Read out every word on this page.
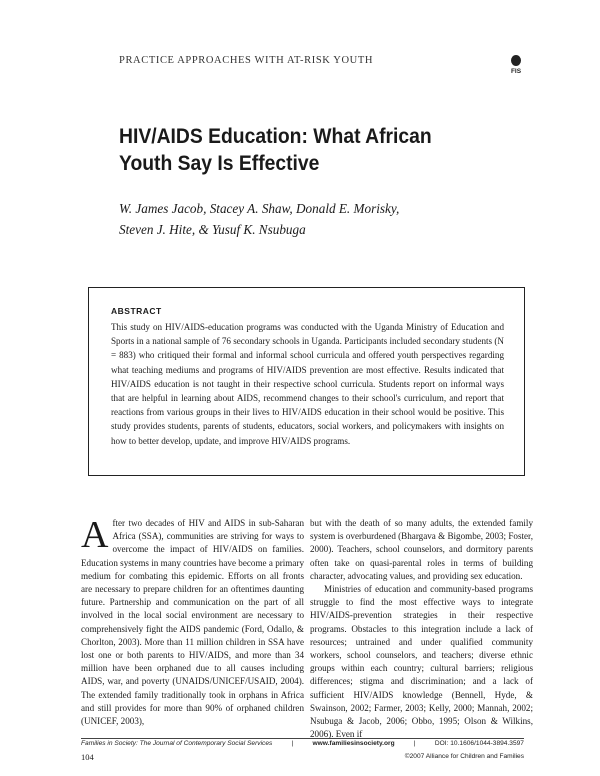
PRACTICE APPROACHES WITH AT-RISK YOUTH
FIS
HIV/AIDS Education: What African Youth Say Is Effective
W. James Jacob, Stacey A. Shaw, Donald E. Morisky,
Steven J. Hite, & Yusuf K. Nsubuga
ABSTRACT
This study on HIV/AIDS-education programs was conducted with the Uganda Ministry of Education and Sports in a national sample of 76 secondary schools in Uganda. Participants included secondary students (N = 883) who critiqued their formal and informal school curricula and offered youth perspectives regarding what teaching mediums and programs of HIV/AIDS prevention are most effective. Results indicated that HIV/AIDS education is not taught in their respective school curricula. Students report on informal ways that are helpful in learning about AIDS, recommend changes to their school's curriculum, and report that reactions from various groups in their lives to HIV/AIDS education in their school would be positive. This study provides students, parents of students, educators, social workers, and policymakers with insights on how to better develop, update, and improve HIV/AIDS programs.
A fter two decades of HIV and AIDS in sub-Saharan Africa (SSA), communities are striving for ways to overcome the impact of HIV/AIDS on families. Education systems in many countries have become a primary medium for combating this epidemic. Efforts on all fronts are necessary to prepare children for an oftentimes daunting future. Partnership and communication on the part of all involved in the local social environment are necessary to comprehensively fight the AIDS pandemic (Ford, Odallo, & Chorlton, 2003). More than 11 million children in SSA have lost one or both parents to HIV/AIDS, and more than 34 million have been orphaned due to all causes including AIDS, war, and poverty (UNAIDS/UNICEF/USAID, 2004). The extended family traditionally took in orphans in Africa and still provides for more than 90% of orphaned children (UNICEF, 2003),

but with the death of so many adults, the extended family system is overburdened (Bhargava & Bigombe, 2003; Foster, 2000). Teachers, school counselors, and dormitory parents often take on quasi-parental roles in terms of building character, advocating values, and providing sex education.

Ministries of education and community-based programs struggle to find the most effective ways to integrate HIV/AIDS-prevention strategies in their respective programs. Obstacles to this integration include a lack of resources; untrained and under qualified community workers, school counselors, and teachers; diverse ethnic groups within each country; cultural barriers; religious differences; stigma and discrimination; and a lack of sufficient HIV/AIDS knowledge (Bennell, Hyde, & Swainson, 2002; Farmer, 2003; Kelly, 2000; Mannah, 2002; Nsubuga & Jacob, 2006; Obbo, 1995; Olson & Wilkins, 2006). Even if

Families in Society: The Journal of Contemporary Social Services	|	www.familiesinsociety.org	|	DOI: 10.1606/1044-3894.3597
104	©2007 Alliance for Children and Families
